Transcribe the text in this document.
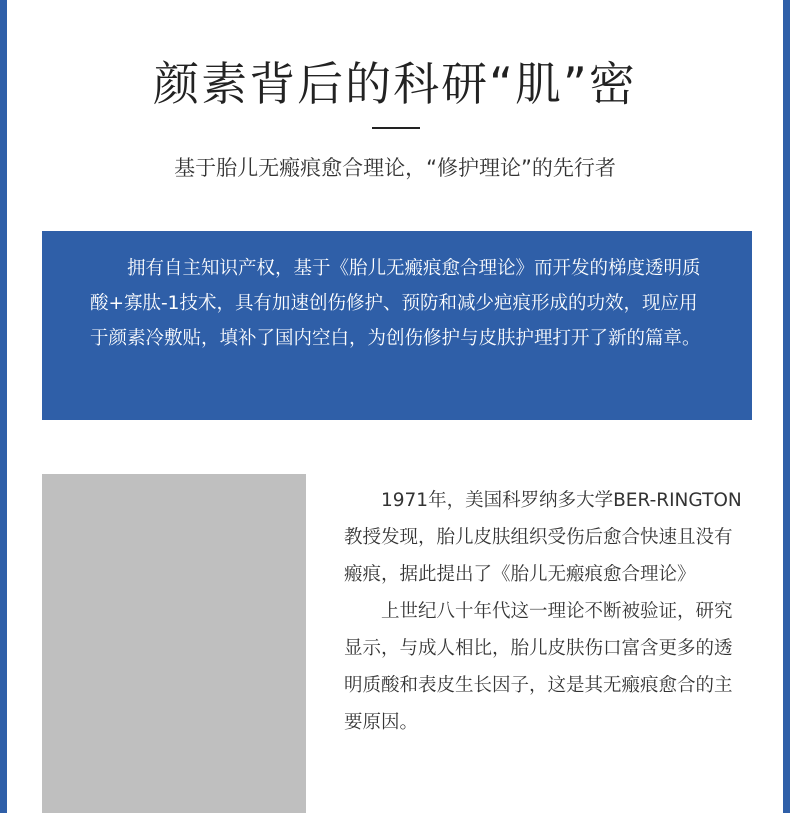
颜素背后的科研“肌”密
基于胎儿无瘢痕愈合理论，“修护理论”的先行者

拥有自主知识产权，基于《胎儿无瘢痕愈合理论》而开发的梯度透明质酸+寡肽-1技术，具有加速创伤修护、预防和减少疤痕形成的功效，现应用于颜素冷敷贴，填补了国内空白，为创伤修护与皮肤护理打开了新的篇章。

1971年，美国科罗纳多大学BER-RINGTON教授发现，胎儿皮肤组织受伤后愈合快速且没有瘢痕，据此提出了《胎儿无瘢痕愈合理论》

上世纪八十年代这一理论不断被验证，研究显示，与成人相比，胎儿皮肤伤口富含更多的透明质酸和表皮生长因子，这是其无瘢痕愈合的主要原因。
